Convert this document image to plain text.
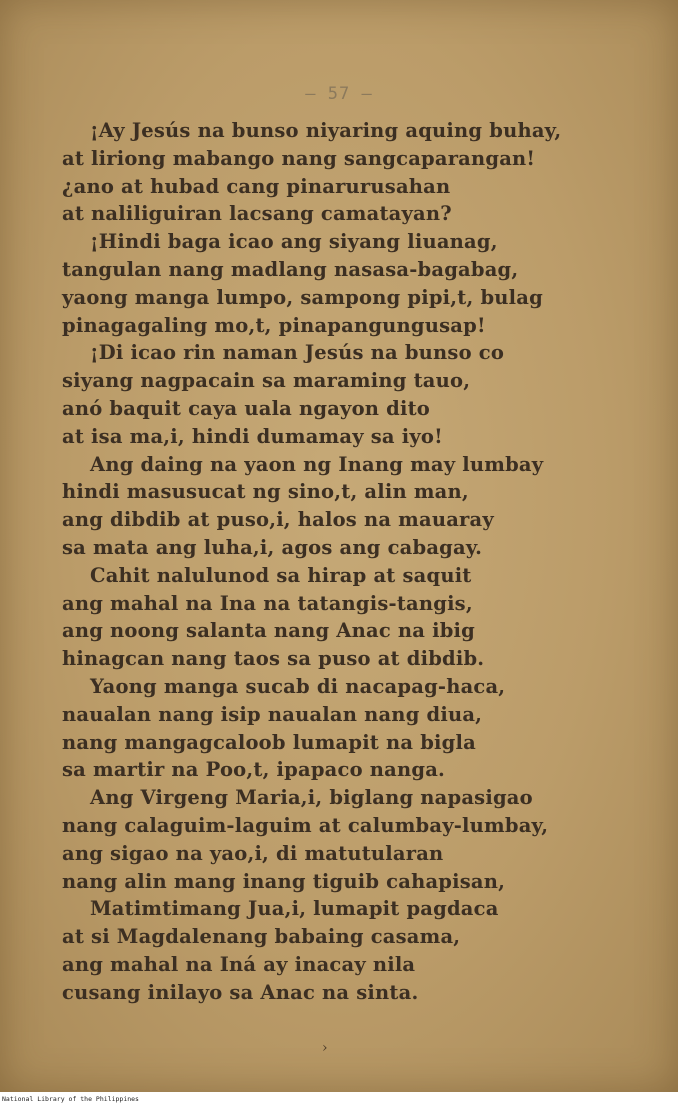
— 57 —
¡Ay Jesús na bunso niyaring aquing buhay,
at liriong mabango nang sangcaparangan!
¿ano at hubad cang pinarurusahan
at naliliguiran lacsang camatayan?
¡Hindi baga icao ang siyang liuanag,
tangulan nang madlang nasasa-bagabag,
yaong manga lumpo, sampong pipi,t, bulag
pinagagaling mo,t, pinapangungusap!
¡Di icao rin naman Jesús na bunso co
siyang nagpacain sa maraming tauo,
anó baquit caya uala ngayon dito
at isa ma,i, hindi dumamay sa iyo!
Ang daing na yaon ng Inang may lumbay
hindi masusucat ng sino,t, alin man,
ang dibdib at puso,i, halos na mauaray
sa mata ang luha,i, agos ang cabagay.
Cahit nalulunod sa hirap at saquit
ang mahal na Ina na tatangis-tangis,
ang noong salanta nang Anac na ibig
hinagcan nang taos sa puso at dibdib.
Yaong manga sucab di nacapag-haca,
naualan nang isip naualan nang diua,
nang mangagcaloob lumapit na bigla
sa martir na Poo,t, ipapaco nanga.
Ang Virgeng Maria,i, biglang napasigao
nang calaguim-laguim at calumbay-lumbay,
ang sigao na yao,i, di matutularan
nang alin mang inang tiguib cahapisan,
Matimtimang Jua,i, lumapit pagdaca
at si Magdalenang babaing casama,
ang mahal na Iná ay inacay nila
cusang inilayo sa Anac na sinta.
›
National Library of the Philippines
